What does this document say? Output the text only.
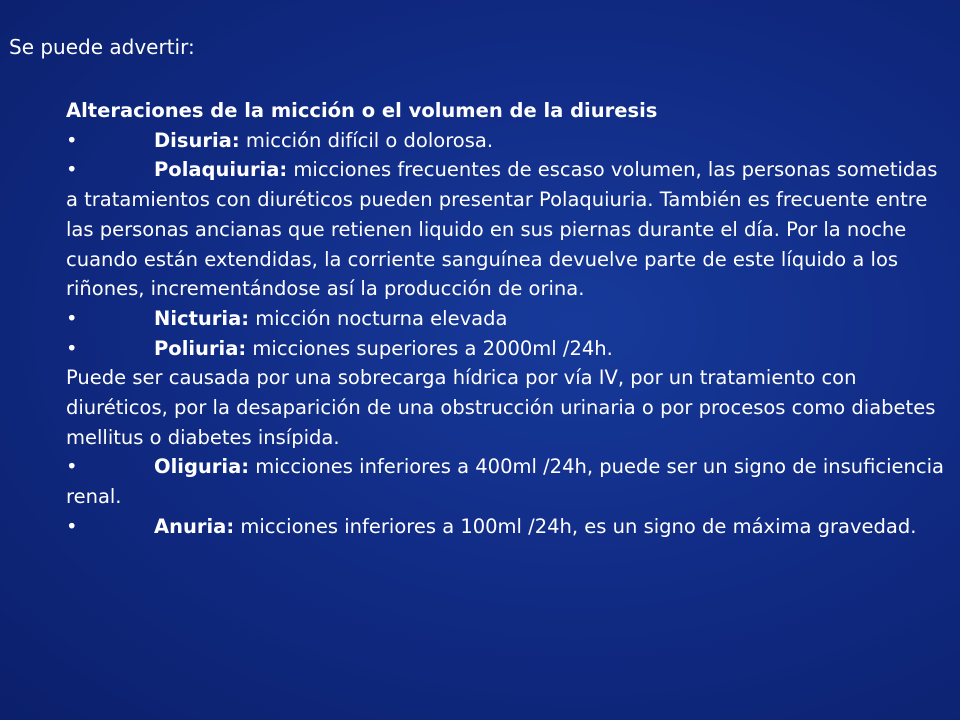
Se puede advertir:

Alteraciones de la micción o el volumen de la diuresis

•	Disuria: micción difícil o dolorosa.

•	Polaquiuria: micciones frecuentes de escaso volumen, las personas sometidas a tratamientos con diuréticos pueden presentar Polaquiuria. También es frecuente entre las personas ancianas que retienen liquido en sus piernas durante el día. Por la noche cuando están extendidas, la corriente sanguínea devuelve parte de este líquido a los riñones, incrementándose así la producción de orina.

•	Nicturia: micción nocturna elevada

•	Poliuria: micciones superiores a 2000ml /24h.

Puede ser causada por una sobrecarga hídrica por vía IV, por un tratamiento con diuréticos, por la desaparición de una obstrucción urinaria o por procesos como diabetes mellitus o diabetes insípida.

•	Oliguria: micciones inferiores a 400ml /24h, puede ser un signo de insuficiencia renal.

•	Anuria: micciones inferiores a 100ml /24h, es un signo de máxima gravedad.
